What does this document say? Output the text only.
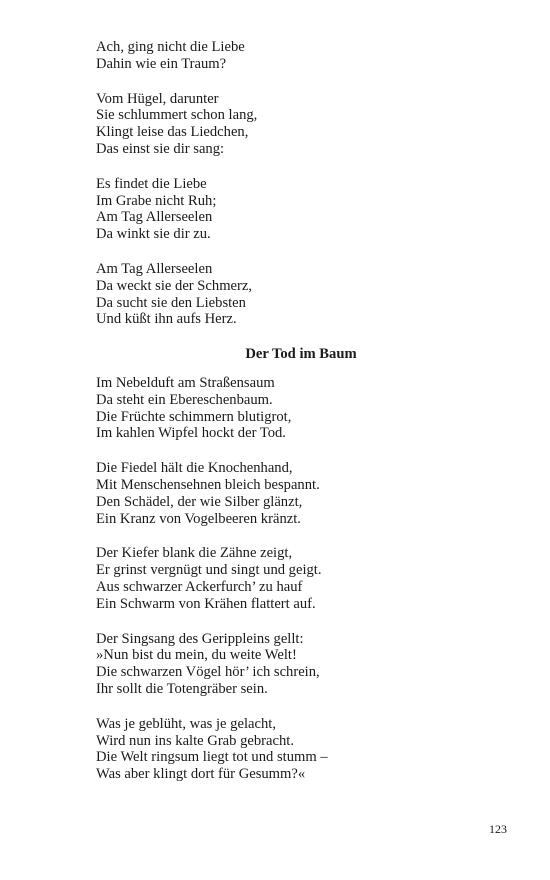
Ach, ging nicht die Liebe
Dahin wie ein Traum?
Vom Hügel, darunter
Sie schlummert schon lang,
Klingt leise das Liedchen,
Das einst sie dir sang:
Es findet die Liebe
Im Grabe nicht Ruh;
Am Tag Allerseelen
Da winkt sie dir zu.
Am Tag Allerseelen
Da weckt sie der Schmerz,
Da sucht sie den Liebsten
Und küßt ihn aufs Herz.
Der Tod im Baum
Im Nebelduft am Straßensaum
Da steht ein Ebereschenbaum.
Die Früchte schimmern blutigrot,
Im kahlen Wipfel hockt der Tod.
Die Fiedel hält die Knochenhand,
Mit Menschensehnen bleich bespannt.
Den Schädel, der wie Silber glänzt,
Ein Kranz von Vogelbeeren kränzt.
Der Kiefer blank die Zähne zeigt,
Er grinst vergnügt und singt und geigt.
Aus schwarzer Ackerfurch’ zu hauf
Ein Schwarm von Krähen flattert auf.
Der Singsang des Gerippleins gellt:
»Nun bist du mein, du weite Welt!
Die schwarzen Vögel hör’ ich schrein,
Ihr sollt die Totengräber sein.
Was je geblüht, was je gelacht,
Wird nun ins kalte Grab gebracht.
Die Welt ringsum liegt tot und stumm –
Was aber klingt dort für Gesumm?«
123
